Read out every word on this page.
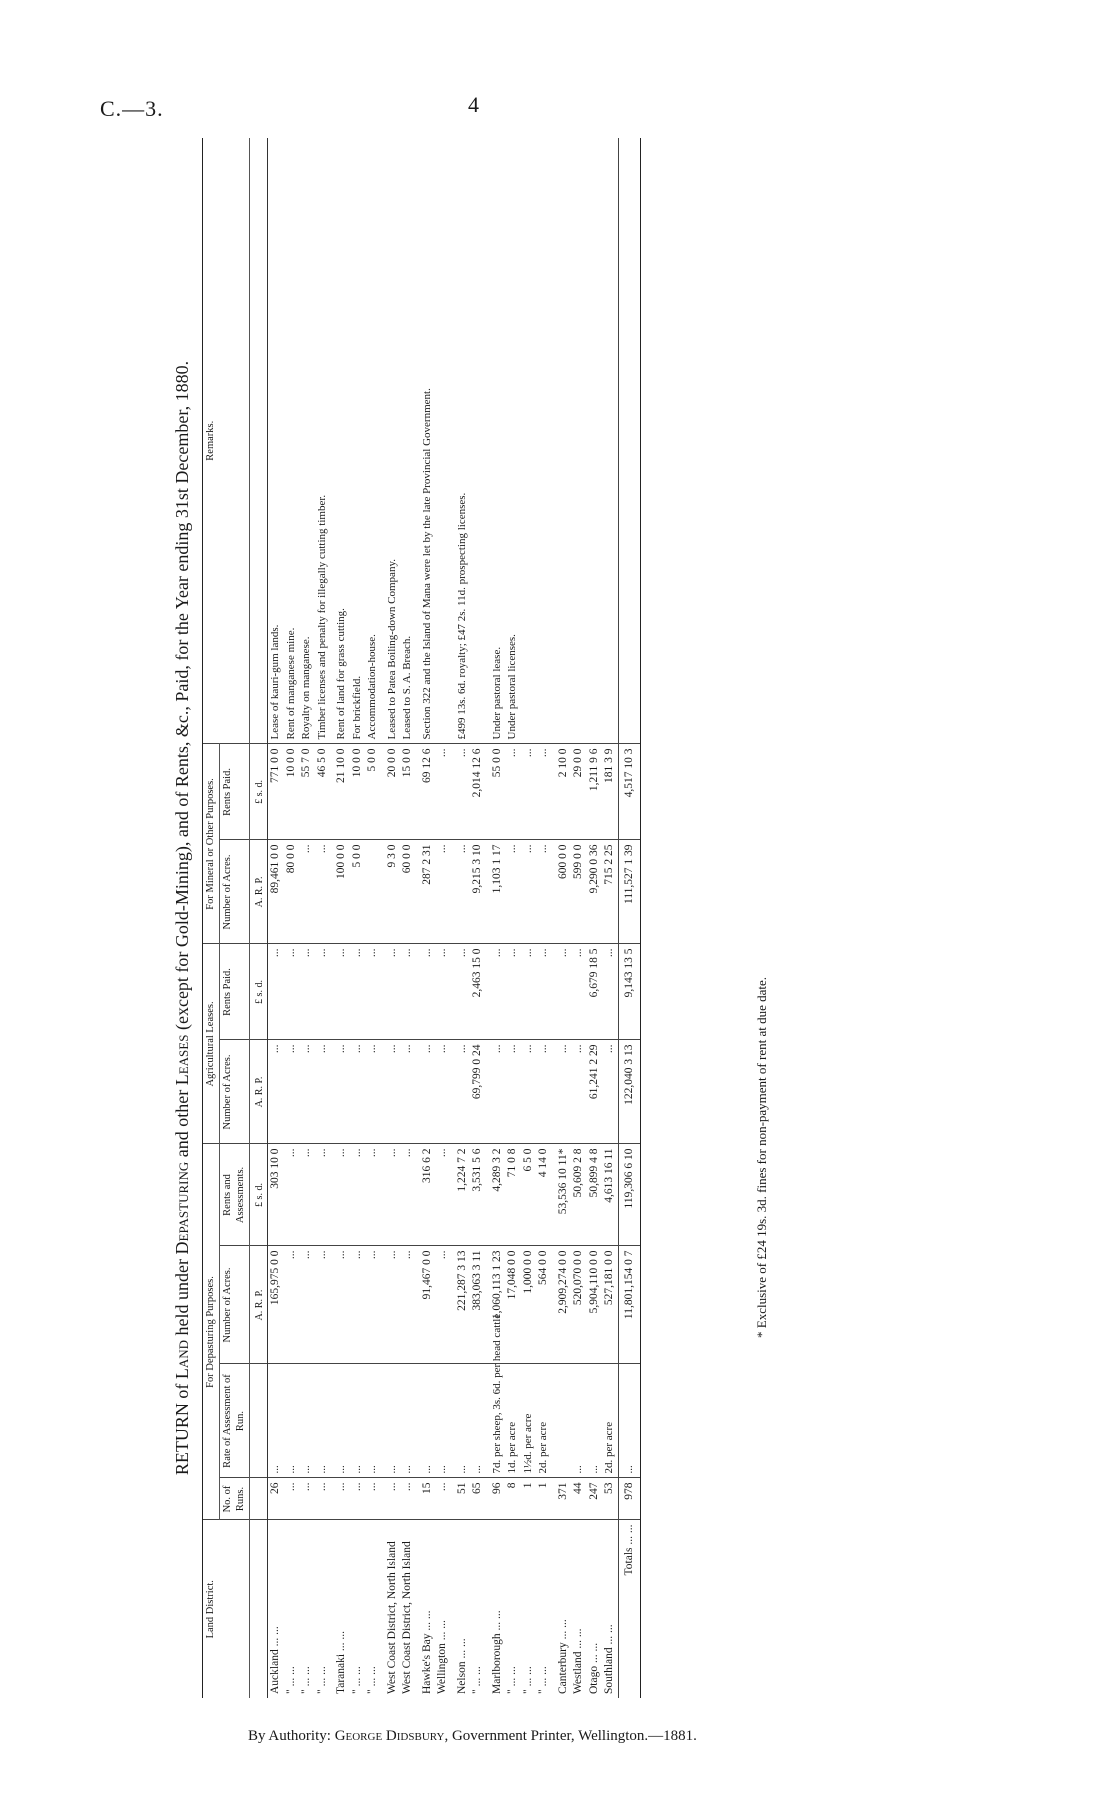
C.—3.	4
RETURN of Land held under Depasturing and other Leases (except for Gold-Mining), and of Rents, &c., Paid, for the Year ending 31st December, 1880.
Land District.	For Depasturing Purposes.				Agricultural Leases.		For Mineral or Other Purposes.		Remarks.
	No. of Runs.	Rate of Assessment of Run.	Number of Acres.	Rents and Assessments.	Number of Acres.	Rents Paid.	Number of Acres.	Rents Paid.	
			A. R. P.	£ s. d.	A. R. P.	£ s. d.	A. R. P.	£ s. d.	
Auckland ... ...	26	...	165,975 0 0	303 10 0	...	...	89,461 0 0	771 0 0	Lease of kauri-gum lands.
" ... ...	...	...	...	...	...	...	80 0 0	10 0 0	Rent of manganese mine.
" ... ...	...	...	...	...	...	...	...	55 7 0	Royalty on manganese.
" ... ...	...	...	...	...	...	...	...	46 5 0	Timber licenses and penalty for illegally cutting timber.
Taranaki ... ...	...	...	...	...	...	...	100 0 0	21 10 0	Rent of land for grass cutting.
" ... ...	...	...	...	...	...	...	5 0 0	10 0 0	For brickfield.
" ... ...	...	...	...	...	...	...		5 0 0	Accommodation-house.
West Coast District, North Island	...	...	...	...	...	...	9 3 0	20 0 0	Leased to Patea Boiling-down Company.
West Coast District, North Island	...	...	...	...	...	...	60 0 0	15 0 0	Leased to S. A. Breach.
Hawke's Bay ... ...	15	...	91,467 0 0	316 6 2	...	...	287 2 31	69 12 6	Section 322 and the Island of Mana were let by the late Provincial Government.
Wellington ... ...	...	...	...	...	...	...	...	...	
Nelson ... ...	51	...	221,287 3 13	1,224 7 2	...	...	...	...	£499 13s. 6d. royalty; £47 2s. 11d. prospecting licenses.
" ... ...	65	...	383,063 3 11	3,531 5 6	69,799 0 24	2,463 15 0	9,215 3 10	2,014 12 6	
Marlborough ... ...	96	7d. per sheep, 3s. 6d. per head cattle	1,060,113 1 23	4,289 3 2	...	...	1,103 1 17	55 0 0	Under pastoral lease.
" ... ...	8	1d. per acre	17,048 0 0	71 0 8	...	...	...	...	Under pastoral licenses.
" ... ...	1	1½d. per acre	1,000 0 0	6 5 0	...	...	...	...	
" ... ...	1	2d. per acre	564 0 0	4 14 0	...	...	...	...	
Canterbury ... ...	371		2,909,274 0 0	53,536 10 11*	...	...	600 0 0	2 10 0	
Westland ... ...	44	...	520,070 0 0	50,609 2 8	...	...	599 0 0	29 0 0	
Otago ... ...	247	...	5,904,110 0 0	50,899 4 8	61,241 2 29	6,679 18 5	9,290 0 36	1,211 9 6	
Southland ... ...	53	2d. per acre	527,181 0 0	4,613 16 11	...	...	715 2 25	181 3 9	
Totals ... ...	978	...	11,801,154 0 7	119,306 6 10	122,040 3 13	9,143 13 5	111,527 1 39	4,517 10 3	
* Exclusive of £24 19s. 3d. fines for non-payment of rent at due date.
By Authority: George Didsbury, Government Printer, Wellington.—1881.
